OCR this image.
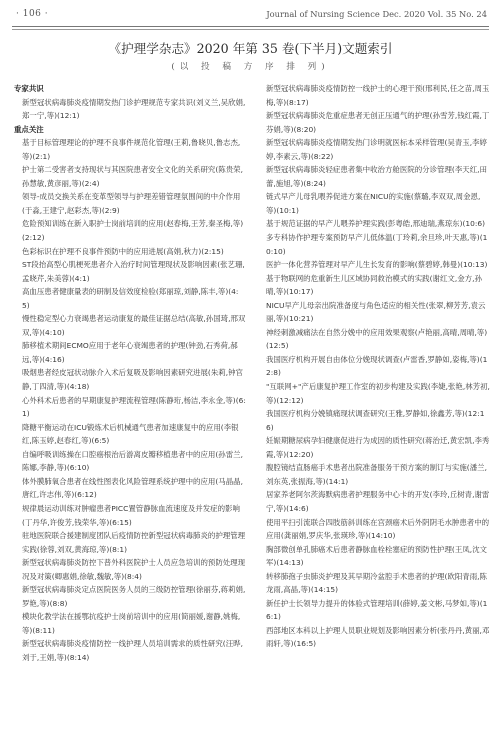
· 106 ·	Journal of Nursing Science Dec. 2020 Vol. 35 No. 24
《护理学杂志》2020 年第 35 卷(下半月)文题索引
(以 投 稿 方 序 排 列)
专家共识
新型冠状病毒肺炎疫情期发热门诊护理规范专家共识(刘义兰,吴欣娟,郑一宁,等)(12:1)
重点关注
基于目标管理理论的护理不良事件规范化管理(王莉,鲁晓贝,鲁志杰,等)(2:1)
护士第二受害者支持现状与其医院患者安全文化的关系研究(陈贵荣,孙慧敏,黄彦丽,等)(2:4)
领导-成员交换关系在变革型领导与护理差错管理氛围间的中介作用(于淼,王建宁,赵彩杰,等)(2:9)
危险预知训练在新入职护士岗前培训的应用(赵春梅,王芳,秦圣梅,等)(2:12)
色彩标识在护理不良事件预防中的应用进展(高娟,秋力)(2:15)
ST段抬高型心肌梗死患者介入治疗时间管理现状及影响因素(张艺珊,孟晓芹,朱美蓉)(4:1)
高血压患者健康量表的研制及信效度检验(郑丽琼,刘静,陈丰,等)(4:5)
慢性稳定型心力衰竭患者运动康复的最佳证据总结(高敏,孙国琦,邢双双,等)(4:10)
肺移植术期间ECMO应用于老年心衰竭患者的护理(钟劲,石秀荷,郝远,等)(4:16)
吸烟患者经皮冠状动脉介入术后复吸及影响因素研究进展(朱莉,钟官静,丁四清,等)(4:18)
心外科术后患者的早期康复护理流程管理(陈静珩,杨洁,李永金,等)(6:1)
降糖平衡运动在ICU锻炼术后机械通气患者加速康复中的应用(李银红,陈玉婷,赵春红,等)(6:5)
自编呼吸训练操在口腔癌根治后游离皮瓣移植患者中的应用(孙雷兰,陈娜,李静,等)(6:10)
体外膜肺氧合患者在线性图表化风险管理系统护理中的应用(马晶晶,唐红,许志伟,等)(6:12)
规律晨运动训练对肿瘤患者PICC置管静脉血流速度及并发症的影响(丁丹华,许俊芳,钱荣华,等)(6:15)
驻地医院联合援建制度团队后疫情防控新型冠状病毒肺炎的护理管理实践(徐蓉,刘双,黄海琼,等)(8:1)
新型冠状病毒肺炎防控下普外科医院护士人员应急培训的预防处理现况及对策(卿惠娟,徐敏,魏敏,等)(8:4)
新型冠状病毒肺炎定点医院医务人员的三级防控管理(徐丽芬,蒋莉娟,罗艳,等)(8:8)
模块化教学法在援鄂抗疫护士岗前培训中的应用(简丽媛,谢静,姚梅,等)(8:11)
新型冠状病毒肺炎疫情防控一线护理人员培训需求的质性研究(汪晔,刘于,王娟,等)(8:14)
新型冠状病毒肺炎疫情防控一线护士的心理干预(邢利民,任之苗,周玉梅,等)(8:17)
新型冠状病毒肺炎危重症患者无创正压通气的护理(孙雪芳,钱红霞,丁芬娟,等)(8:20)
新型冠状病毒肺炎疫情期发热门诊明就医标本采样管理(吴青玉,李婷婷,李素云,等)(8:22)
新型冠状病毒肺炎轻症患者集中收治方舱医院的分诊管理(李天红,田蕾,施旭,等)(8:24)
链式早产儿母乳喂养促进方案在NICU的实施(蔡璐,李双双,周金恩,等)(10:1)
基于规范证据的早产儿喂养护理实践(彭粤皓,邢迪瑞,燕琼东)(10:6)
多专科协作护理专案预防早产儿低体温(丁玲莉,余旦珍,叶天惠,等)(10:10)
医护一体化营养管理对早产儿生长发育的影响(蔡碧婷,韩曼)(10:13)
基于物联网的危重新生儿区域协同救治模式的实践(谢红文,金方,孙晴,等)(10:17)
NICU早产儿母亲出院准备度与角色适应的相关性(张翠,柳芳芳,袁云丽,等)(10:21)
神经刺激减痛法在自然分娩中的应用效果观察(卢艳丽,高晴,周晴,等)(12:5)
我国医疗机构开展自由体位分娩现状调查(卢雷香,罗静如,姿梅,等)(12:8)
"互联网+"产后康复护理工作室的初步构建及实践(李婕,张艳,林芳初,等)(12:12)
我国医疗机构分娩镇痛现状调查研究(王雅,罗静如,徐鑫芳,等)(12:16)
妊娠期糖尿病孕妇健康促进行为成因的质性研究(蒋治迁,黄宏凯,李秀霞,等)(12:20)
腹腔镜结直肠癌手术患者出院准备服务干预方案的制订与实施(潘兰,刘东英,张振海,等)(14:1)
居家养老阿尔茨海默病患者护理服务中心卡的开发(李玲,丘树青,谢雷宁,等)(14:6)
使用平扫引流联合四肢筋斜训练在宫颈癌术后外阴阴毛水肿患者中的应用(龚丽娟,罗庆华,张瑛珍,等)(14:10)
胸部微创单孔肺癌术后患者静脉血栓栓塞症的预防性护理(王凤,沈文军)(14:13)
转移肺孢子虫肺炎护理及其早期冷盆腔手术患者的护理(欧阳青雨,陈龙雨,高晶,等)(14:15)
新任护士长领导力提升的体验式管理培训(薛婷,姜文彬,马梦如,等)(16:1)
西部地区本科以上护理人员职业规划及影响因素分析(张丹丹,黄丽,邓雨轩,等)(16:5)
